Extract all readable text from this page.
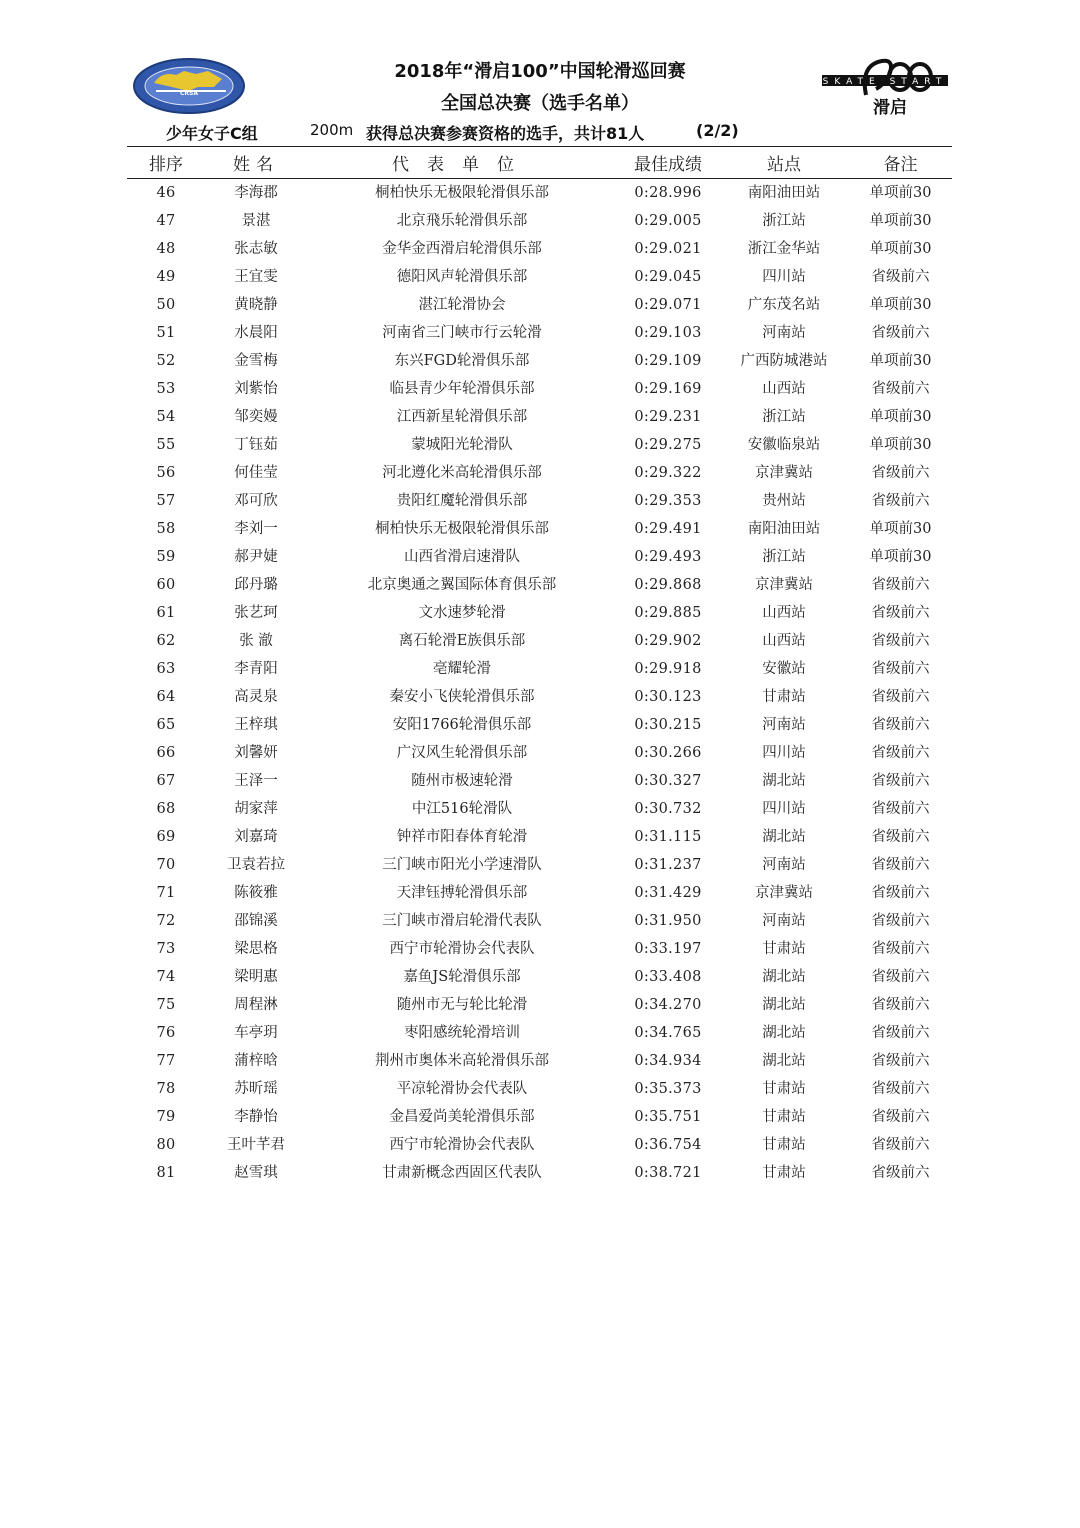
CRSA
SKATE START
滑启
2018年“滑启100”中国轮滑巡回赛
全国总决赛（选手名单）
少年女子C组	200m 获得总决赛参赛资格的选手，共计81人	(2/2)
排序	姓名	代表单位	最佳成绩	站点	备注
46	李海郡	桐柏快乐无极限轮滑俱乐部	0:28.996	南阳油田站	单项前30
47	景湛	北京飛乐轮滑俱乐部	0:29.005	浙江站	单项前30
48	张志敏	金华金西滑启轮滑俱乐部	0:29.021	浙江金华站	单项前30
49	王宜雯	德阳风声轮滑俱乐部	0:29.045	四川站	省级前六
50	黄晓静	湛江轮滑协会	0:29.071	广东茂名站	单项前30
51	水晨阳	河南省三门峡市行云轮滑	0:29.103	河南站	省级前六
52	金雪梅	东兴FGD轮滑俱乐部	0:29.109	广西防城港站	单项前30
53	刘紫怡	临县青少年轮滑俱乐部	0:29.169	山西站	省级前六
54	邹奕嫚	江西新星轮滑俱乐部	0:29.231	浙江站	单项前30
55	丁钰茹	蒙城阳光轮滑队	0:29.275	安徽临泉站	单项前30
56	何佳莹	河北遵化米高轮滑俱乐部	0:29.322	京津冀站	省级前六
57	邓可欣	贵阳红魔轮滑俱乐部	0:29.353	贵州站	省级前六
58	李刘一	桐柏快乐无极限轮滑俱乐部	0:29.491	南阳油田站	单项前30
59	郝尹婕	山西省滑启速滑队	0:29.493	浙江站	单项前30
60	邱丹璐	北京奥通之翼国际体育俱乐部	0:29.868	京津冀站	省级前六
61	张艺珂	文水速梦轮滑	0:29.885	山西站	省级前六
62	张 澈	离石轮滑E族俱乐部	0:29.902	山西站	省级前六
63	李青阳	亳耀轮滑	0:29.918	安徽站	省级前六
64	高灵泉	秦安小飞侠轮滑俱乐部	0:30.123	甘肃站	省级前六
65	王梓琪	安阳1766轮滑俱乐部	0:30.215	河南站	省级前六
66	刘馨妍	广汉风生轮滑俱乐部	0:30.266	四川站	省级前六
67	王泽一	随州市极速轮滑	0:30.327	湖北站	省级前六
68	胡家萍	中江516轮滑队	0:30.732	四川站	省级前六
69	刘嘉琦	钟祥市阳春体育轮滑	0:31.115	湖北站	省级前六
70	卫袁若拉	三门峡市阳光小学速滑队	0:31.237	河南站	省级前六
71	陈筱雅	天津钰搏轮滑俱乐部	0:31.429	京津冀站	省级前六
72	邵锦溪	三门峡市滑启轮滑代表队	0:31.950	河南站	省级前六
73	梁思格	西宁市轮滑协会代表队	0:33.197	甘肃站	省级前六
74	梁明惠	嘉鱼JS轮滑俱乐部	0:33.408	湖北站	省级前六
75	周程淋	随州市无与轮比轮滑	0:34.270	湖北站	省级前六
76	车亭玥	枣阳感统轮滑培训	0:34.765	湖北站	省级前六
77	蒲梓晗	荆州市奥体米高轮滑俱乐部	0:34.934	湖北站	省级前六
78	苏昕瑶	平凉轮滑协会代表队	0:35.373	甘肃站	省级前六
79	李静怡	金昌爱尚美轮滑俱乐部	0:35.751	甘肃站	省级前六
80	王叶芊君	西宁市轮滑协会代表队	0:36.754	甘肃站	省级前六
81	赵雪琪	甘肃新概念西固区代表队	0:38.721	甘肃站	省级前六
